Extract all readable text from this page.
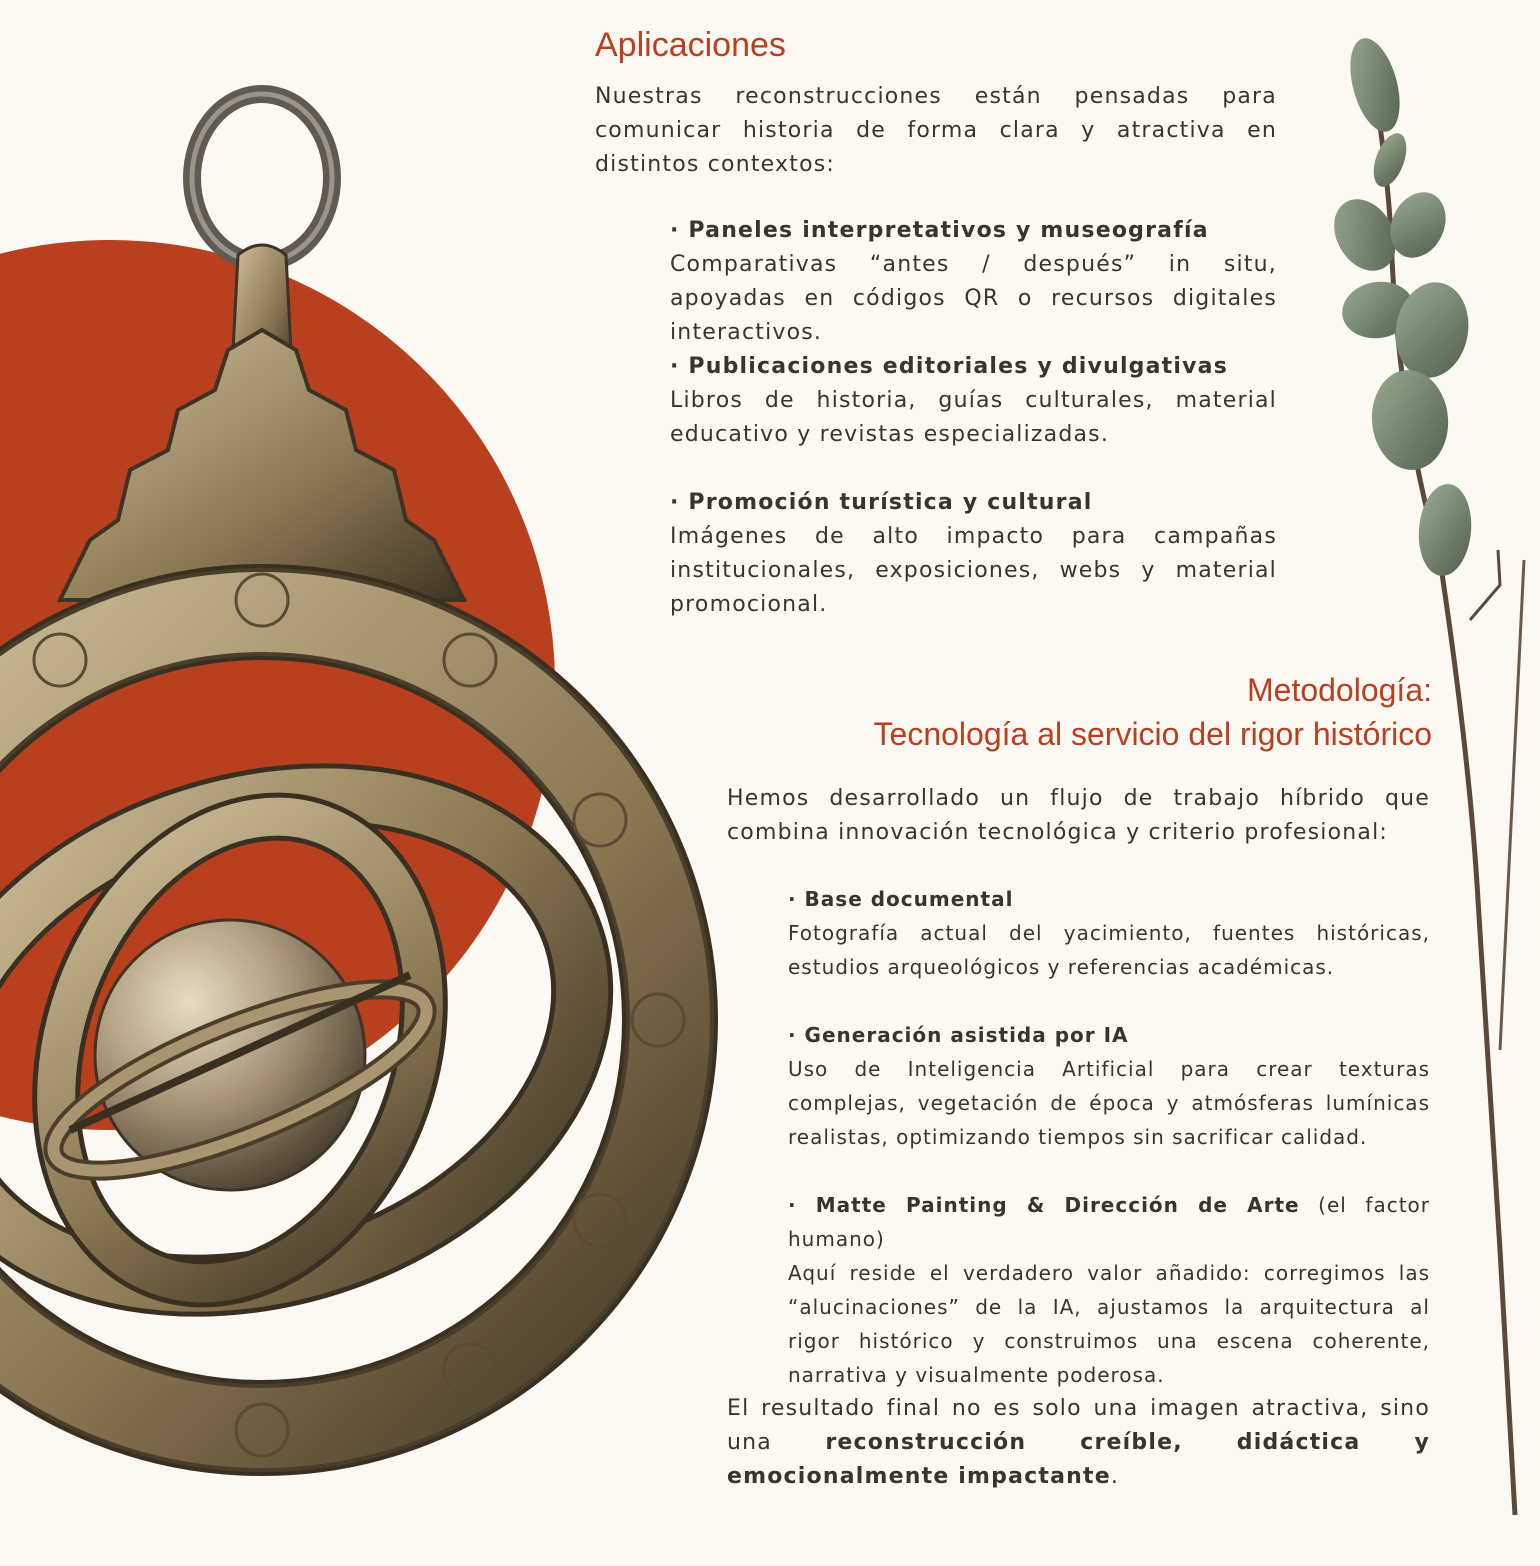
Aplicaciones

Nuestras reconstrucciones están pensadas para comunicar historia de forma clara y atractiva en distintos contextos:

· Paneles interpretativos y museografía

Comparativas “antes / después” in situ, apoyadas en códigos QR o recursos digitales interactivos.

· Publicaciones editoriales y divulgativas

Libros de historia, guías culturales, material educativo y revistas especializadas.

· Promoción turística y cultural

Imágenes de alto impacto para campañas institucionales, exposiciones, webs y material promocional.

Metodología:
Tecnología al servicio del rigor histórico

Hemos desarrollado un flujo de trabajo híbrido que combina innovación tecnológica y criterio profesional:

· Base documental

Fotografía actual del yacimiento, fuentes históricas, estudios arqueológicos y referencias académicas.

· Generación asistida por IA

Uso de Inteligencia Artificial para crear texturas complejas, vegetación de época y atmósferas lumínicas realistas, optimizando tiempos sin sacrificar calidad.

· Matte Painting & Dirección de Arte (el factor humano)

Aquí reside el verdadero valor añadido: corregimos las “alucinaciones” de la IA, ajustamos la arquitectura al rigor histórico y construimos una escena coherente, narrativa y visualmente poderosa.

El resultado final no es solo una imagen atractiva, sino una reconstrucción creíble, didáctica y emocionalmente impactante.
